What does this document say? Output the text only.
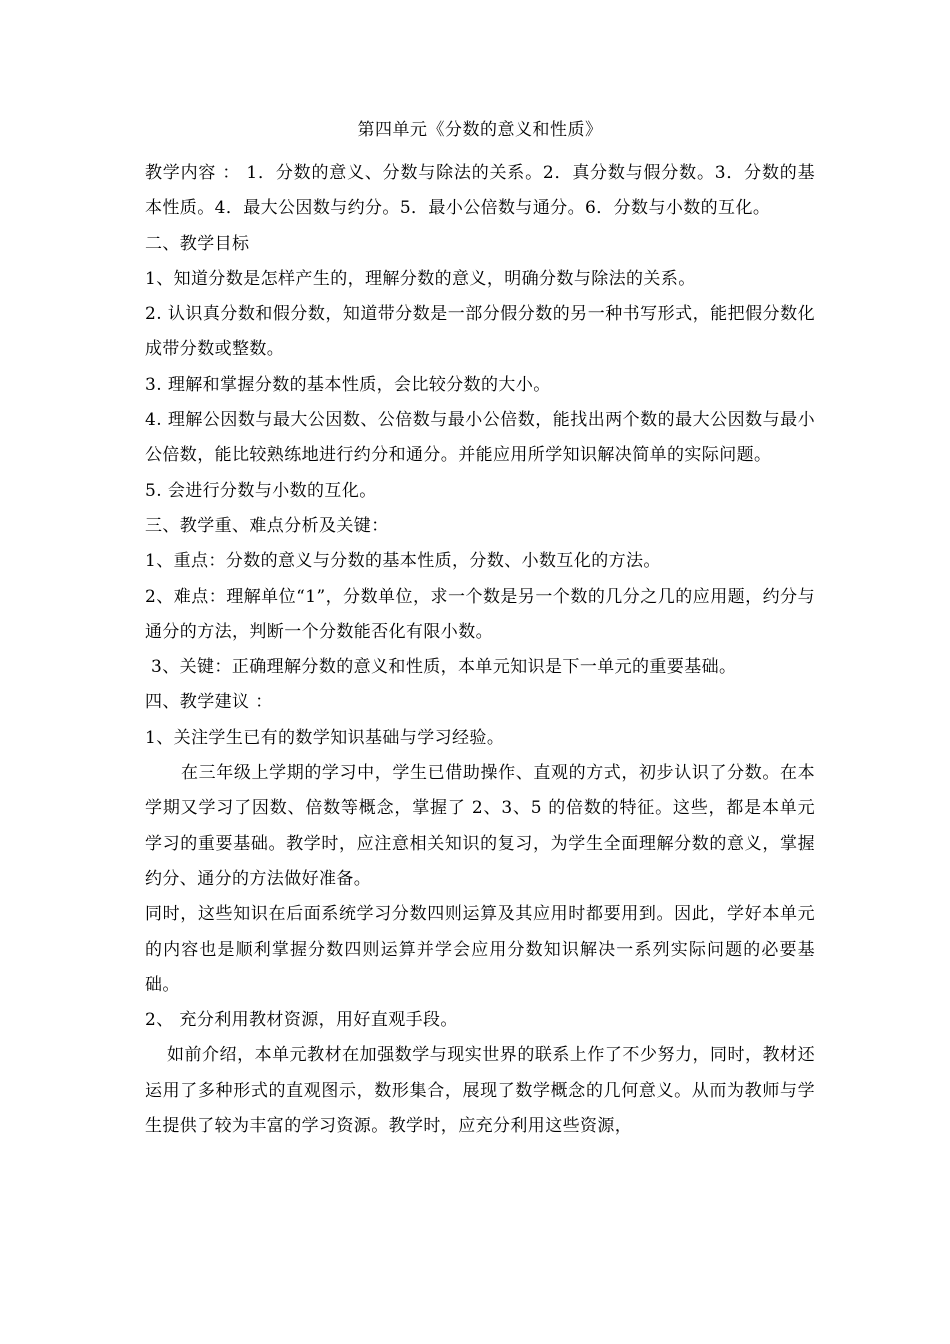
第四单元《分数的意义和性质》

教学内容 ： 1．分数的意义、分数与除法的关系。2．真分数与假分数。3．分数的基本性质。4．最大公因数与约分。5．最小公倍数与通分。6．分数与小数的互化。

二、教学目标

1、知道分数是怎样产生的，理解分数的意义，明确分数与除法的关系。

2. 认识真分数和假分数，知道带分数是一部分假分数的另一种书写形式，能把假分数化成带分数或整数。

3. 理解和掌握分数的基本性质，会比较分数的大小。

4. 理解公因数与最大公因数、公倍数与最小公倍数，能找出两个数的最大公因数与最小公倍数，能比较熟练地进行约分和通分。并能应用所学知识解决简单的实际问题。

5. 会进行分数与小数的互化。

三、教学重、难点分析及关键：

1、重点：分数的意义与分数的基本性质，分数、小数互化的方法。

2、难点：理解单位“1”，分数单位，求一个数是另一个数的几分之几的应用题，约分与通分的方法，判断一个分数能否化有限小数。

3、关键：正确理解分数的意义和性质，本单元知识是下一单元的重要基础。

四、教学建议 ：

1、关注学生已有的数学知识基础与学习经验。

在三年级上学期的学习中，学生已借助操作、直观的方式，初步认识了分数。在本学期又学习了因数、倍数等概念，掌握了 2、3、5 的倍数的特征。这些，都是本单元学习的重要基础。教学时，应注意相关知识的复习，为学生全面理解分数的意义，掌握约分、通分的方法做好准备。

同时，这些知识在后面系统学习分数四则运算及其应用时都要用到。因此，学好本单元的内容也是顺利掌握分数四则运算并学会应用分数知识解决一系列实际问题的必要基础。

2、 充分利用教材资源，用好直观手段。

如前介绍，本单元教材在加强数学与现实世界的联系上作了不少努力，同时，教材还运用了多种形式的直观图示，数形集合，展现了数学概念的几何意义。从而为教师与学生提供了较为丰富的学习资源。教学时，应充分利用这些资源，
